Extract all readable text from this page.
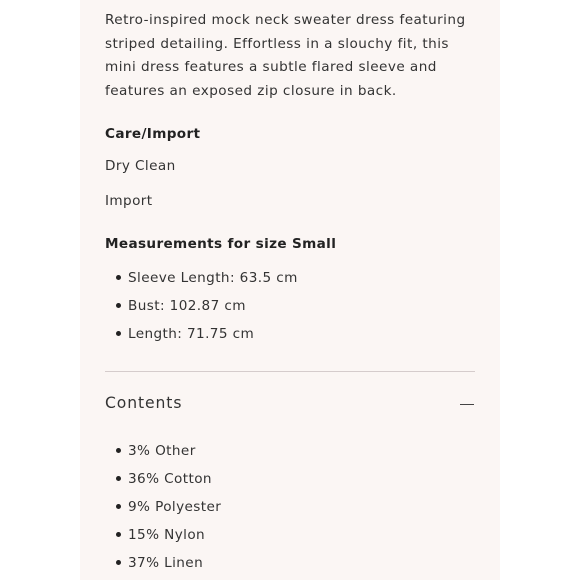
Retro-inspired mock neck sweater dress featuring striped detailing. Effortless in a slouchy fit, this mini dress features a subtle flared sleeve and features an exposed zip closure in back.

Care/Import

Dry Clean

Import

Measurements for size Small
Sleeve Length: 63.5 cm
Bust: 102.87 cm
Length: 71.75 cm
Contents
3% Other
36% Cotton
9% Polyester
15% Nylon
37% Linen
